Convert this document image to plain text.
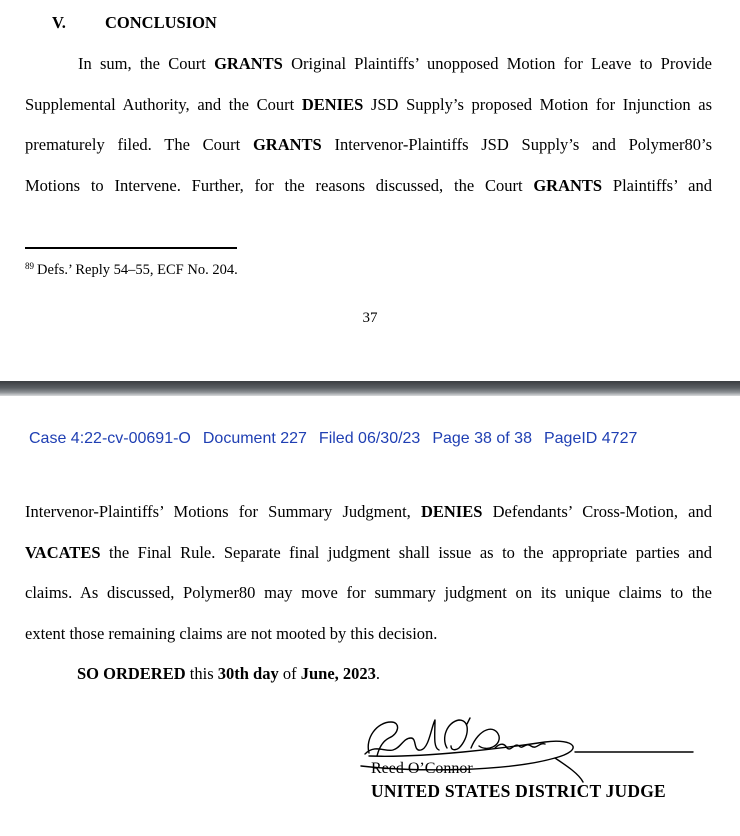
V. CONCLUSION
In sum, the Court GRANTS Original Plaintiffs’ unopposed Motion for Leave to Provide
Supplemental Authority, and the Court DENIES JSD Supply’s proposed Motion for Injunction as
prematurely filed. The Court GRANTS Intervenor-Plaintiffs JSD Supply’s and Polymer80’s
Motions to Intervene. Further, for the reasons discussed, the Court GRANTS Plaintiffs’ and
$^{89}$ Defs.’ Reply 54–55, ECF No. 204.
37
Case 4:22-cv-00691-O Document 227 Filed 06/30/23 Page 38 of 38 PageID 4727
Intervenor-Plaintiffs’ Motions for Summary Judgment, DENIES Defendants’ Cross-Motion, and
VACATES the Final Rule. Separate final judgment shall issue as to the appropriate parties and
claims. As discussed, Polymer80 may move for summary judgment on its unique claims to the
extent those remaining claims are not mooted by this decision.
SO ORDERED this 30th day of June, 2023.
Reed O’Connor
UNITED STATES DISTRICT JUDGE
